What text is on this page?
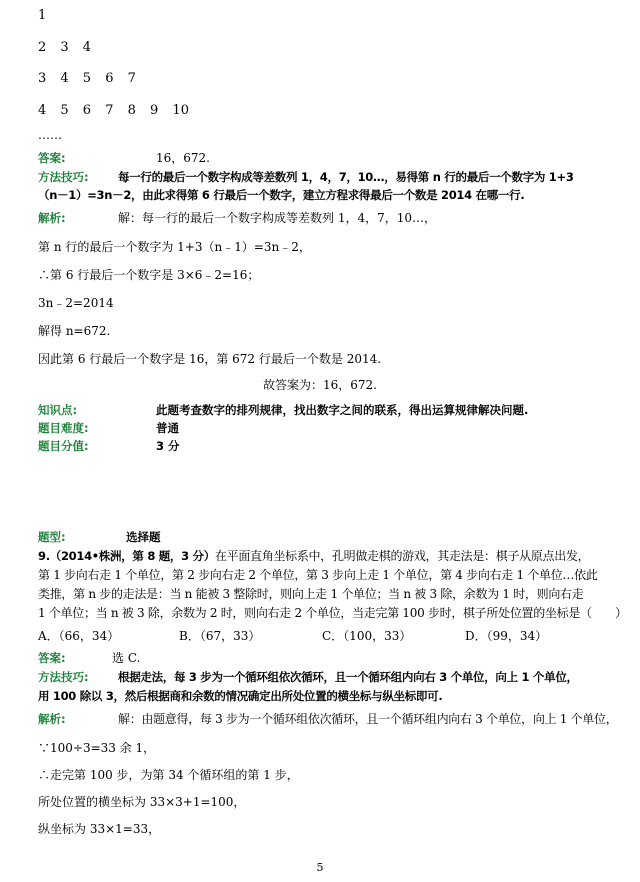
1
2 3 4
3 4 5 6 7
4 5 6 7 8 9 10
……
答案:	16，672.
方法技巧:	每一行的最后一个数字构成等差数列 1，4，7，10…，易得第 n 行的最后一个数字为 1+3
（n－1）=3n－2，由此求得第 6 行最后一个数字，建立方程求得最后一个数是 2014 在哪一行.
解析:	解：每一行的最后一个数字构成等差数列 1，4，7，10…，
第 n 行的最后一个数字为 1+3（n﹣1）=3n﹣2，
∴第 6 行最后一个数字是 3×6﹣2=16；
3n﹣2=2014
解得 n=672.
因此第 6 行最后一个数字是 16，第 672 行最后一个数是 2014.
故答案为：16，672.
知识点:	此题考查数字的排列规律，找出数字之间的联系，得出运算规律解决问题.
题目难度:	普通
题目分值:	3 分
题型:	选择题
9.（2014•株洲，第 8 题，3 分）在平面直角坐标系中，孔明做走棋的游戏，其走法是：棋子从原点出发，
第 1 步向右走 1 个单位，第 2 步向右走 2 个单位，第 3 步向上走 1 个单位，第 4 步向右走 1 个单位…依此
类推，第 n 步的走法是：当 n 能被 3 整除时，则向上走 1 个单位；当 n 被 3 除，余数为 1 时，则向右走
1 个单位；当 n 被 3 除，余数为 2 时，则向右走 2 个单位，当走完第 100 步时，棋子所处位置的坐标是（　　）
A．（66，34）	B．（67，33）	C．（100，33）	D．（99，34）
答案:	选 C.
方法技巧:	根据走法，每 3 步为一个循环组依次循环，且一个循环组内向右 3 个单位，向上 1 个单位，
用 100 除以 3，然后根据商和余数的情况确定出所处位置的横坐标与纵坐标即可.
解析:	解：由题意得，每 3 步为一个循环组依次循环，且一个循环组内向右 3 个单位，向上 1 个单位，
∵100÷3=33 余 1，
∴走完第 100 步，为第 34 个循环组的第 1 步，
所处位置的横坐标为 33×3+1=100，
纵坐标为 33×1=33，
5
